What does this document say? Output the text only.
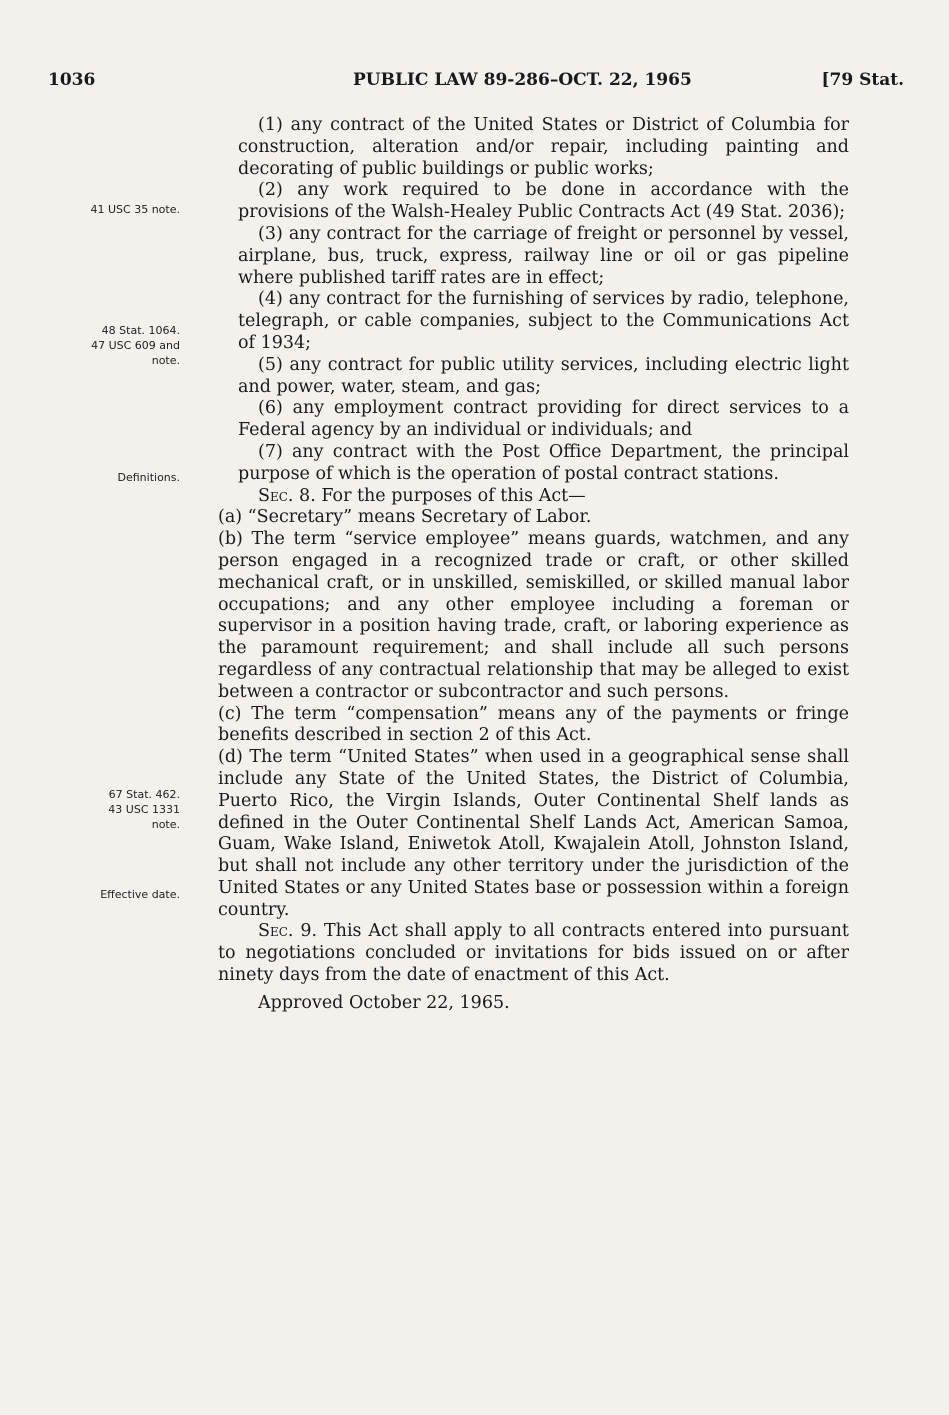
1036	PUBLIC LAW 89-286–OCT. 22, 1965	[79 Stat.
41 USC 35 note.
48 Stat. 1064.
47 USC 609 and
note.
Definitions.
67 Stat. 462.
43 USC 1331
note.
Effective date.

(1) any contract of the United States or District of Columbia for construction, alteration and/or repair, including painting and decorating of public buildings or public works;

(2) any work required to be done in accordance with the provisions of the Walsh-Healey Public Contracts Act (49 Stat. 2036);

(3) any contract for the carriage of freight or personnel by vessel, airplane, bus, truck, express, railway line or oil or gas pipeline where published tariff rates are in effect;

(4) any contract for the furnishing of services by radio, telephone, telegraph, or cable companies, subject to the Communications Act of 1934;

(5) any contract for public utility services, including electric light and power, water, steam, and gas;

(6) any employment contract providing for direct services to a Federal agency by an individual or individuals; and

(7) any contract with the Post Office Department, the principal purpose of which is the operation of postal contract stations.

Sec. 8. For the purposes of this Act—

(a) “Secretary” means Secretary of Labor.

(b) The term “service employee” means guards, watchmen, and any person engaged in a recognized trade or craft, or other skilled mechanical craft, or in unskilled, semiskilled, or skilled manual labor occupations; and any other employee including a foreman or supervisor in a position having trade, craft, or laboring experience as the paramount requirement; and shall include all such persons regardless of any contractual relationship that may be alleged to exist between a contractor or subcontractor and such persons.

(c) The term “compensation” means any of the payments or fringe benefits described in section 2 of this Act.

(d) The term “United States” when used in a geographical sense shall include any State of the United States, the District of Columbia, Puerto Rico, the Virgin Islands, Outer Continental Shelf lands as defined in the Outer Continental Shelf Lands Act, American Samoa, Guam, Wake Island, Eniwetok Atoll, Kwajalein Atoll, Johnston Island, but shall not include any other territory under the jurisdiction of the United States or any United States base or possession within a foreign country.

Sec. 9. This Act shall apply to all contracts entered into pursuant to negotiations concluded or invitations for bids issued on or after ninety days from the date of enactment of this Act.

Approved October 22, 1965.
